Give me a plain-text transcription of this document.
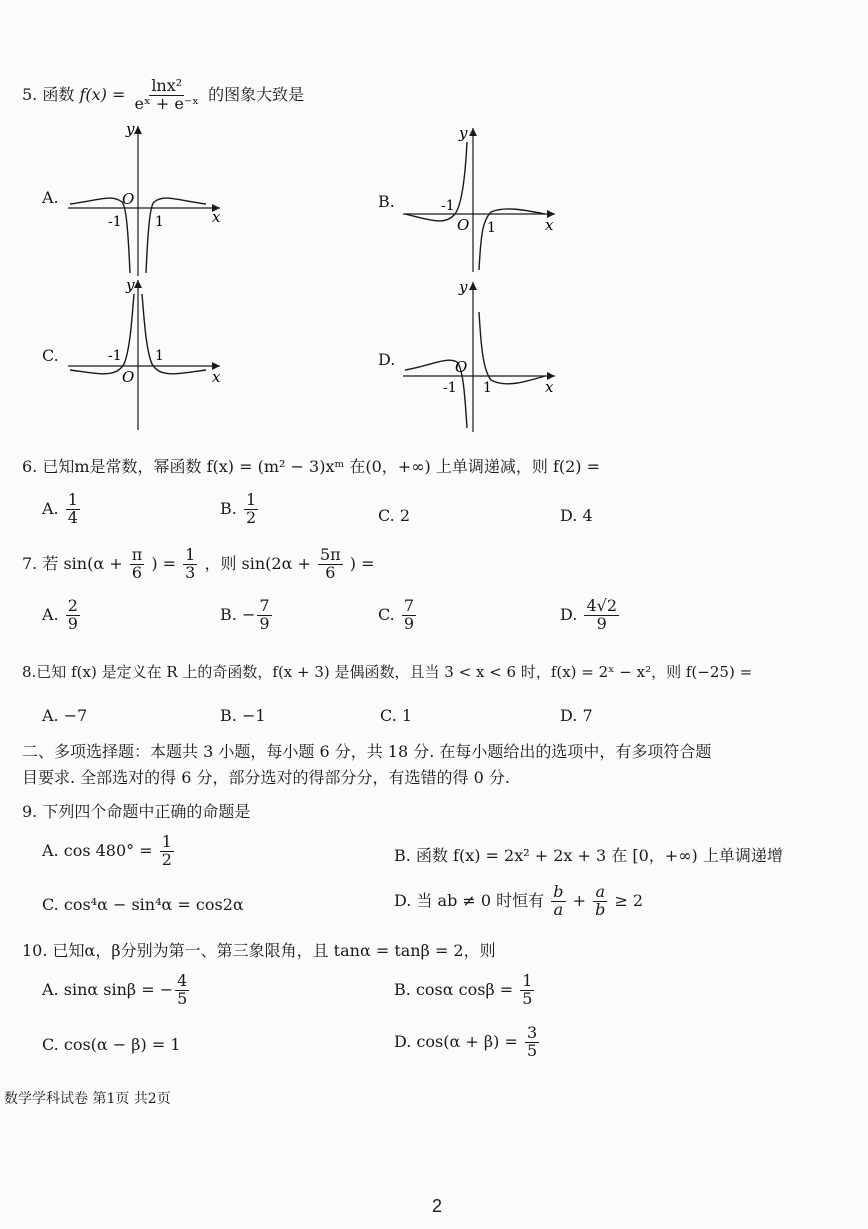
5. 函数 $f(x) = \frac{\text{lnx²}}{\text{eˣ + e⁻ˣ}}$ 的图象大致是
A.	B.
C.	D.
y
O
-1 1	x
y
O
-1
1	x
y
O
-1 1
x
y
O
-1 1	x
6. 已知m是常数，幂函数 f(x) = (m² − 3)xᵐ 在(0，+∞) 上单调递减，则 f(2) =
A. $\frac{1}{4}$	B. $\frac{1}{2}$	C. 2	D. 4
7. 若 $\sin(\alpha + \frac{\pi}{6}$ ) = $\frac{1}{3}$ ，则 $\sin(2\alpha + \frac{5\pi}{6}$ ) =
A. $\frac{2}{9}$	B. − $\frac{7}{9}$	C. $\frac{7}{9}$	D. $\frac{4√2}{9}$
8.已知 f(x) 是定义在 R 上的奇函数，f(x + 3) 是偶函数，且当 3 < x < 6 时，f(x) = 2ˣ − x²，则 f(−25) =
A. −7	B. −1	C. 1	D. 7
二、多项选择题：本题共 3 小题，每小题 6 分，共 18 分. 在每小题给出的选项中，有多项符合题
目要求. 全部选对的得 6 分，部分选对的得部分分，有选错的得 0 分.
9. 下列四个命题中正确的命题是
A. $\cos 480^\circ = \frac{1}{2}$	B. 函数 f(x) = 2x² + 2x + 3 在 [0，+∞) 上单调递增
C. cos⁴α − sin⁴α = cos2α	D. 当 ab ≠ 0 时恒有 $\frac{b}{a} + \frac{a}{b} \ge 2$
10. 已知α，β分别为第一、第三象限角，且 tanα = tanβ = 2，则
A. sinα sinβ = − $\frac{4}{5}$	B. cosα $\cos\beta = \frac{1}{5}$
C. cos(α − β) = 1	D. $\cos(\alpha + \beta) = \frac{3}{5}$
数学学科试卷 第1页 共2页
2
